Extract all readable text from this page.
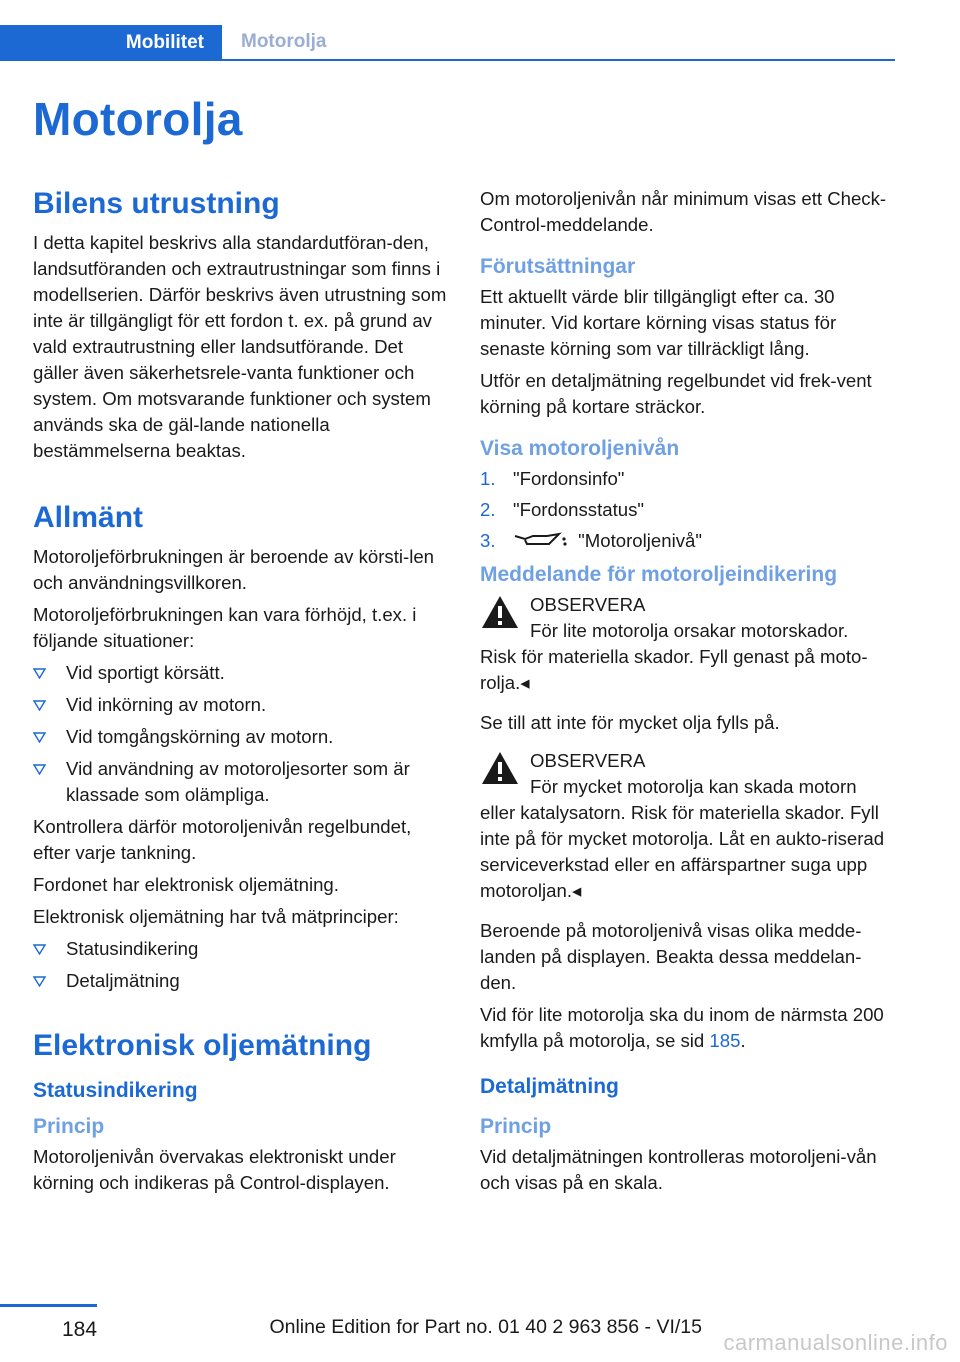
Mobilitet	Motorolja
Motorolja
Bilens utrustning

I detta kapitel beskrivs alla standardutföran-den, landsutföranden och extrautrustningar som finns i modellserien. Därför beskrivs även utrustning som inte är tillgängligt för ett fordon t. ex. på grund av vald extrautrustning eller landsutförande. Det gäller även säkerhetsrele-vanta funktioner och system. Om motsvarande funktioner och system används ska de gäl-lande nationella bestämmelserna beaktas.

Allmänt

Motoroljeförbrukningen är beroende av körsti-len och användningsvillkoren.

Motoroljeförbrukningen kan vara förhöjd, t.ex. i följande situationer:

Vid sportigt körsätt.
Vid inkörning av motorn.
Vid tomgångskörning av motorn.
Vid användning av motoroljesorter som är klassade som olämpliga.

Kontrollera därför motoroljenivån regelbundet, efter varje tankning.

Fordonet har elektronisk oljemätning.

Elektronisk oljemätning har två mätprinciper:

Statusindikering
Detaljmätning
Elektronisk oljemätning
Statusindikering
Princip

Motoroljenivån övervakas elektroniskt under körning och indikeras på Control-displayen.

Om motoroljenivån når minimum visas ett Check-Control-meddelande.

Förutsättningar

Ett aktuellt värde blir tillgängligt efter ca. 30 minuter. Vid kortare körning visas status för senaste körning som var tillräckligt lång.

Utför en detaljmätning regelbundet vid frek-vent körning på kortare sträckor.

Visa motoroljenivån
1. "Fordonsinfo"
2. "Fordonsstatus"
3.	"Motoroljenivå"
Meddelande för motoroljeindikering
OBSERVERA
För lite motorolja orsakar motorskador.
Risk för materiella skador. Fyll genast på moto-rolja.◂

Se till att inte för mycket olja fylls på.

OBSERVERA
För mycket motorolja kan skada motorn
eller katalysatorn. Risk för materiella skador. Fyll inte på för mycket motorolja. Låt en aukto-riserad serviceverkstad eller en affärspartner suga upp motoroljan.◂

Beroende på motoroljenivå visas olika medde-landen på displayen. Beakta dessa meddelan-den.

Vid för lite motorolja ska du inom de närmsta 200 kmfylla på motorolja, se sid 185.

Detaljmätning
Princip

Vid detaljmätningen kontrolleras motoroljeni-vån och visas på en skala.

184	Online Edition for Part no. 01 40 2 963 856 - VI/15
carmanualsonline.info
